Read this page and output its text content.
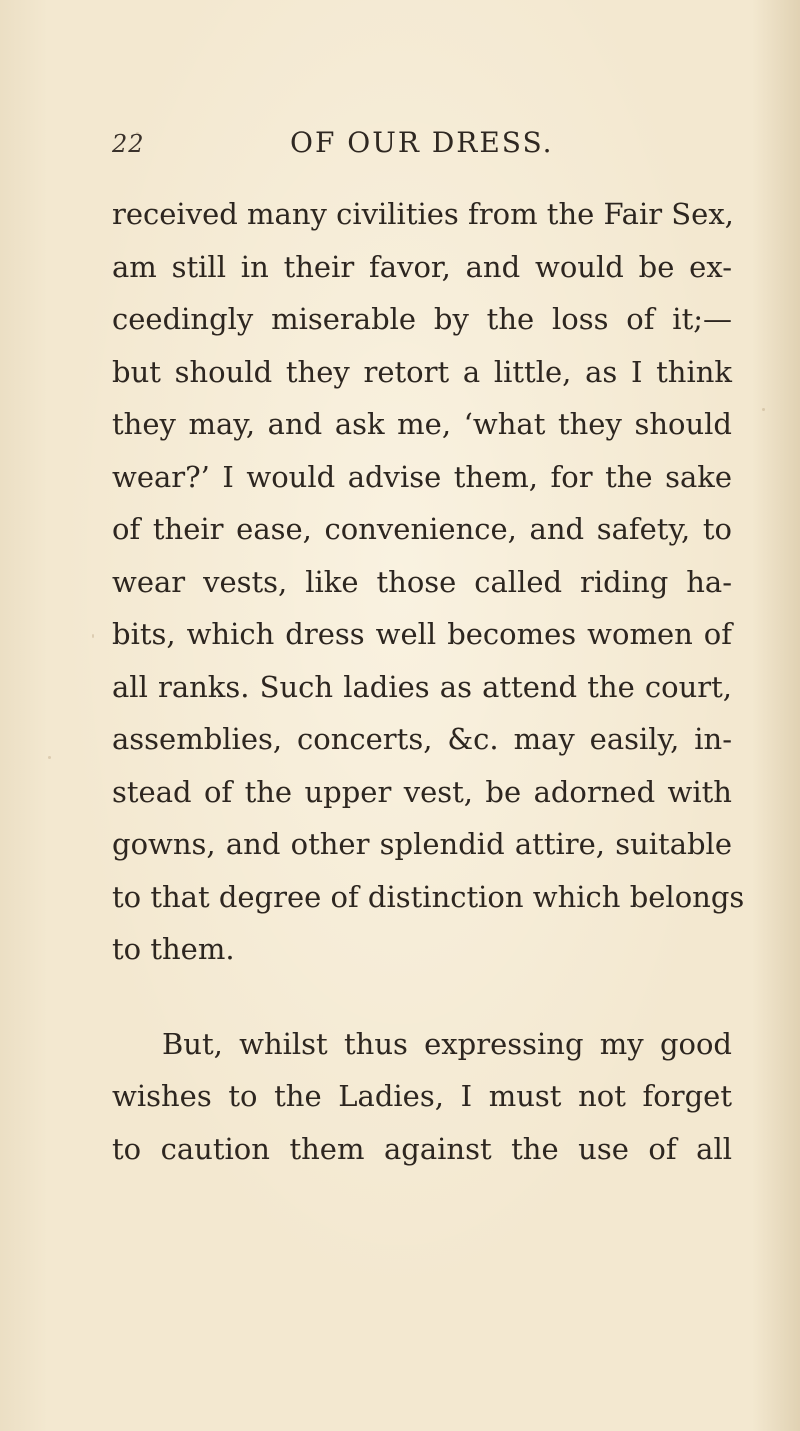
22	OF OUR DRESS.
received many civilities from the Fair Sex,
am still in their favor, and would be ex-
ceedingly miserable by the loss of it;—
but should they retort a little, as I think
they may, and ask me, ‘what they should
wear?’ I would advise them, for the sake
of their ease, convenience, and safety, to
wear vests, like those called riding ha-
bits, which dress well becomes women of
all ranks. Such ladies as attend the court,
assemblies, concerts, &c. may easily, in-
stead of the upper vest, be adorned with
gowns, and other splendid attire, suitable
to that degree of distinction which belongs
to them.
But, whilst thus expressing my good
wishes to the Ladies, I must not forget
to caution them against the use of all
